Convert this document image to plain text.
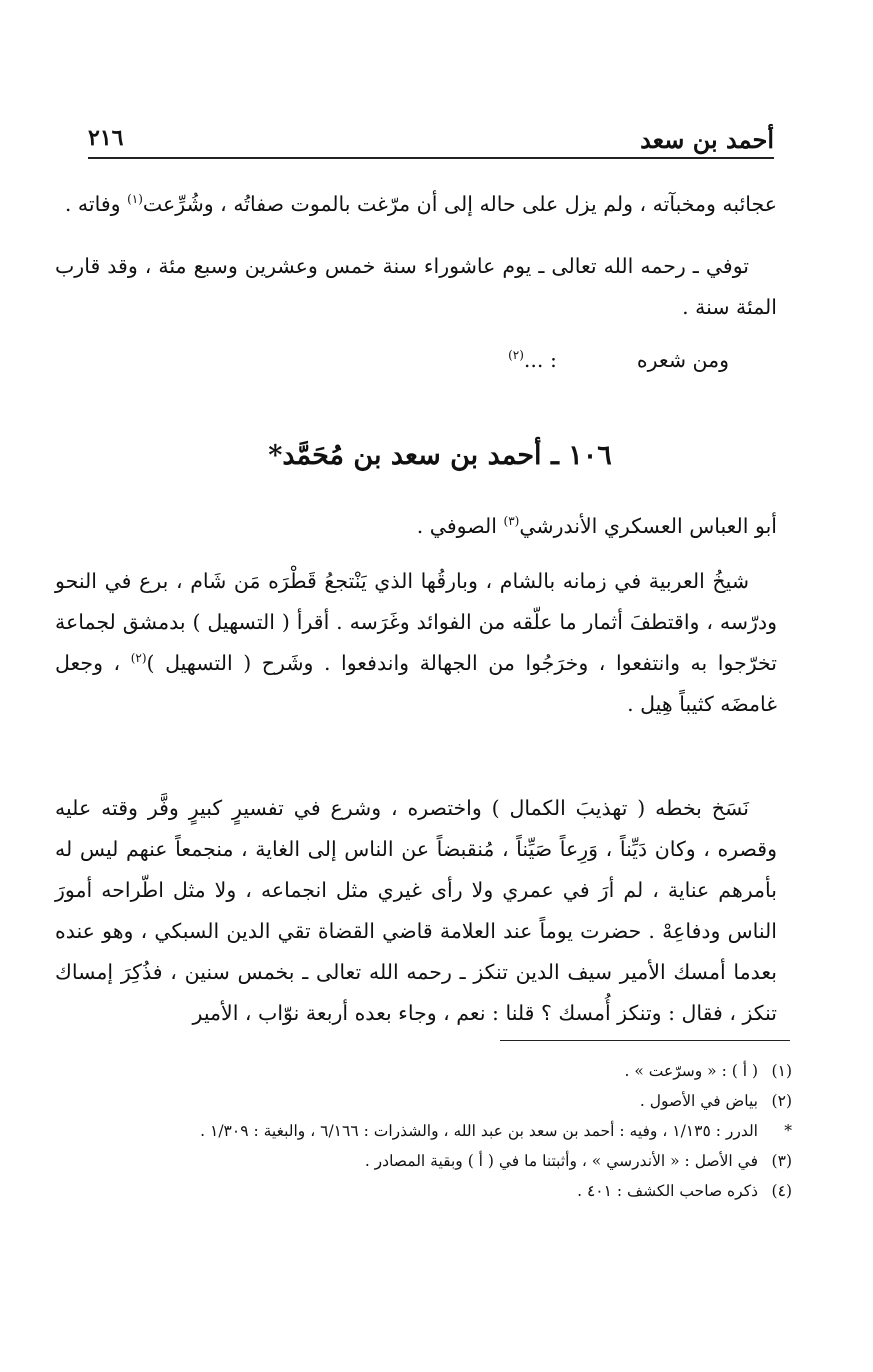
أحمد بن سعد
٢١٦

عجائبه ومخبآته ، ولم يزل على حاله إلى أن مرّغت بالموت صفاتُه ، وشُرِّعت$^{(١)}$ وفاته .

توفي ـ رحمه الله تعالى ـ يوم عاشوراء سنة خمس وعشرين وسبع مئة ، وقد قارب المئة سنة .

ومن شعره: ...$^{(٢)}$
١٠٦ ـ أحمد بن سعد بن مُحَمَّد*

أبو العباس العسكري الأندرشي$^{(٣)}$ الصوفي .

شيخُ العربية في زمانه بالشام ، وبارقُها الذي يَنْتجعُ قَطْرَه مَن شَام ، برع في النحو ودرّسه ، واقتطفَ أثمار ما علّقه من الفوائد وغَرَسه . أقرأ ( التسهيل ) بدمشق لجماعة تخرّجوا به وانتفعوا ، وخرَجُوا من الجهالة واندفعوا . وشَرح ( التسهيل )$^{(٢)}$ ، وجعل غامضَه كثيباً هِيل .

نَسَخ بخطه ( تهذيبَ الكمال ) واختصره ، وشرع في تفسيرٍ كبيرٍ وفَّر وقته عليه وقصره ، وكان دَيِّناً ، وَرِعاً صَيِّناً ، مُنقبضاً عن الناس إلى الغاية ، منجمعاً عنهم ليس له بأمرهم عناية ، لم أرَ في عمري ولا رأى غيري مثل انجماعه ، ولا مثل اطّراحه أمورَ الناس ودفاعِهْ . حضرت يوماً عند العلامة قاضي القضاة تقي الدين السبكي ، وهو عنده بعدما أمسك الأمير سيف الدين تنكز ـ رحمه الله تعالى ـ بخمس سنين ، فذُكِرَ إمساك تنكز ، فقال : وتنكز أُمسك ؟ قلنا : نعم ، وجاء بعده أربعة نوّاب ، الأمير

(١)( أ ) : « وسرّعت » .
(٢)بياض في الأصول .
*الدرر : ١/١٣٥ ، وفيه : أحمد بن سعد بن عبد الله ، والشذرات : ٦/١٦٦ ، والبغية : ١/٣٠٩ .
(٣)في الأصل : « الأندرسي » ، وأثبتنا ما في ( أ ) وبقية المصادر .
(٤)ذكره صاحب الكشف : ٤٠١ .
